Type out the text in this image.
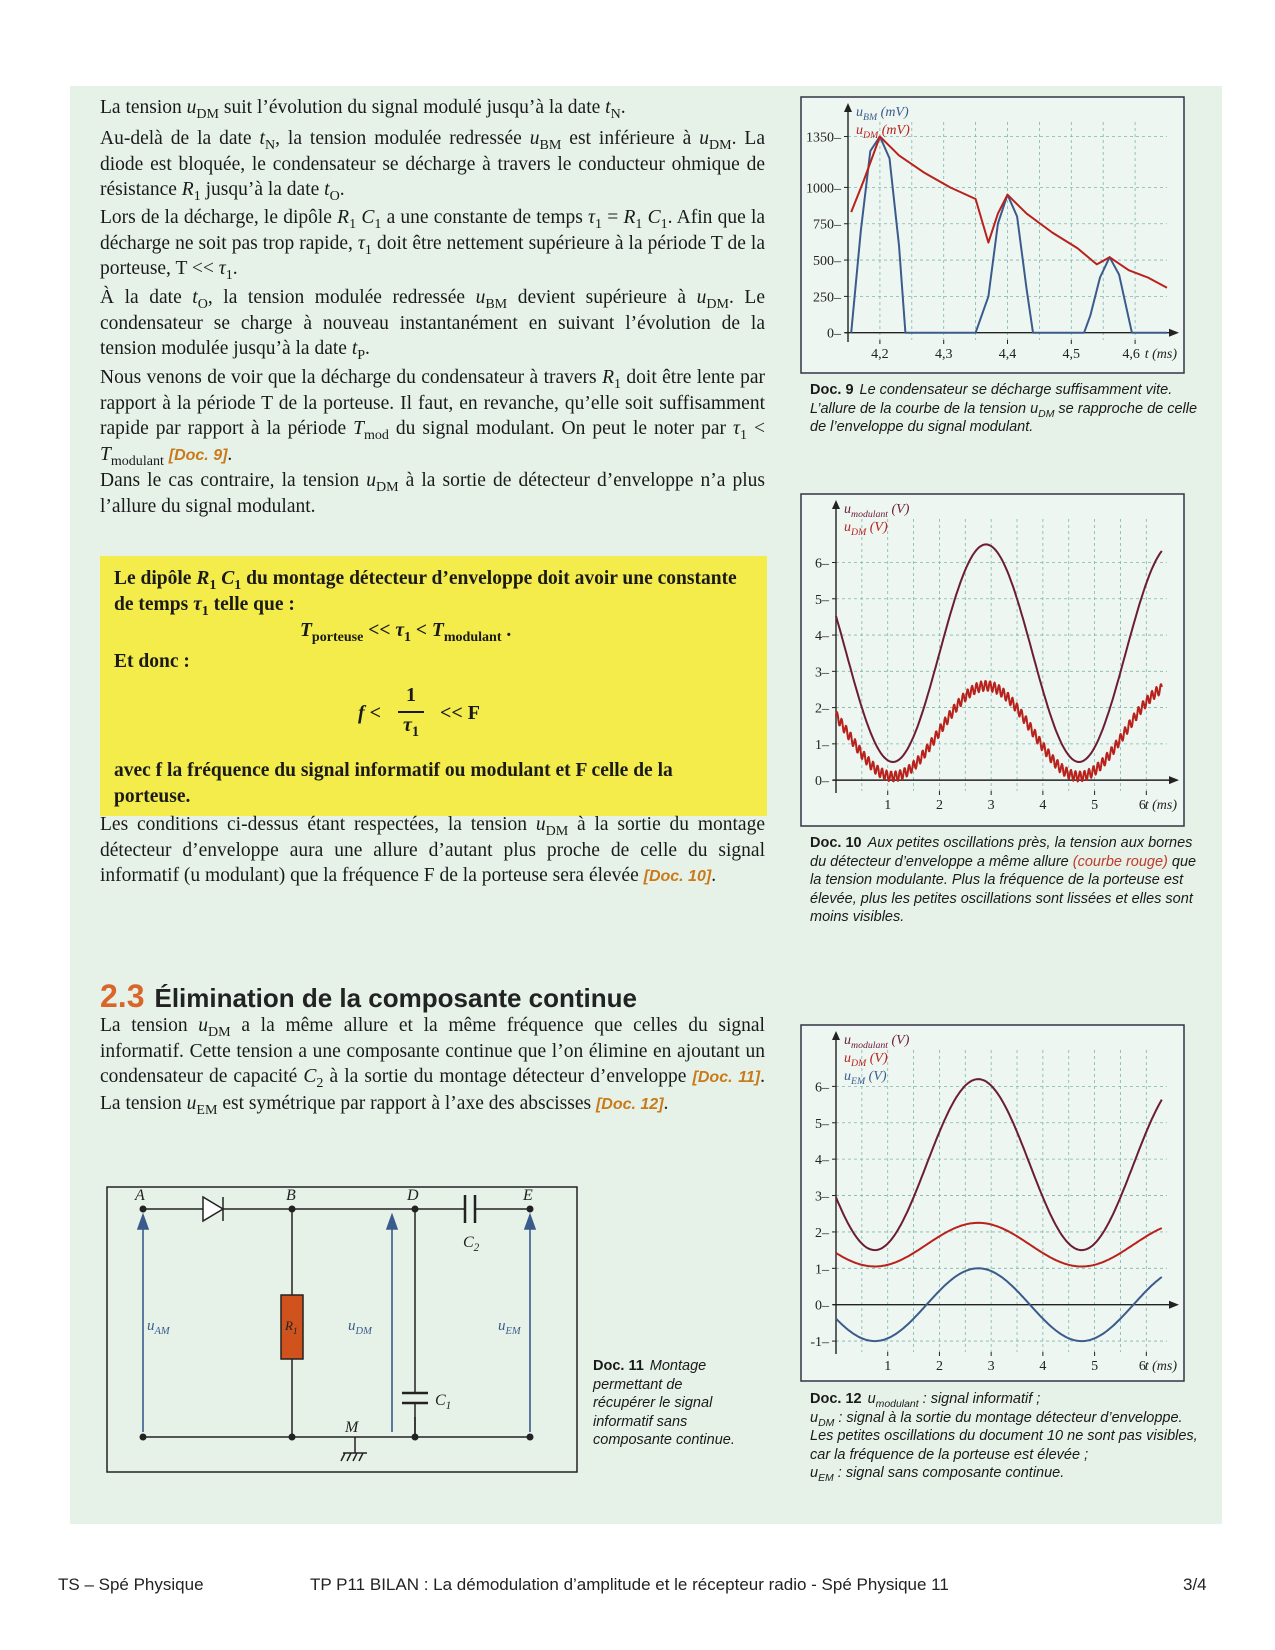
La tension $u_{DM}$ suit l’évolution du signal modulé jusqu’à la date $t_N$.

Au-delà de la date $t_N$, la tension modulée redressée $u_{BM}$ est inférieure à $u_{DM}$. La diode est bloquée, le condensateur se décharge à travers le conducteur ohmique de résistance $R_1$ jusqu’à la date $t_O$.

Lors de la décharge, le dipôle $R_1$ $C_1$ a une constante de temps $\tau_1 = R_1$ $C_1$. Afin que la décharge ne soit pas trop rapide, $\tau_1$ doit être nettement supérieure à la période T de la porteuse, $T << \tau_1$.

À la date $t_O$, la tension modulée redressée $u_{BM}$ devient supérieure à $u_{DM}$. Le condensateur se charge à nouveau instantanément en suivant l’évolution de la tension modulée jusqu’à la date $t_P$.

Nous venons de voir que la décharge du condensateur à travers $R_1$ doit être lente par rapport à la période T de la porteuse. Il faut, en revanche, qu’elle soit suffisamment rapide par rapport à la période $T_{mod}$ du signal modulant. On peut le noter par $\tau_1 < T_{modulant}$ [Doc. 9].

Dans le cas contraire, la tension $u_{DM}$ à la sortie de détecteur d’enveloppe n’a plus l’allure du signal modulant.

Le dipôle $R_1$ $C_1$ du montage détecteur d’enveloppe doit avoir une constante de temps $\tau_1$ telle que :

$T_{porteuse} << \tau_1 < T_{modulant}$ .

Et donc :

f <
1
$\tau_1$
<< F

avec f la fréquence du signal informatif ou modulant et F celle de la porteuse.

Les conditions ci-dessus étant respectées, la tension $u_{DM}$ à la sortie du montage détecteur d’enveloppe aura une allure d’autant plus proche de celle du signal informatif (u modulant) que la fréquence F de la porteuse sera élevée [Doc. 10].

2.3 Élimination de la composante continue

La tension $u_{DM}$ a la même allure et la même fréquence que celles du signal informatif. Cette tension a une composante continue que l’on élimine en ajoutant un condensateur de capacité $C_2$ à la sortie du montage détecteur d’enveloppe [Doc. 11]. La tension $u_{EM}$ est symétrique par rapport à l’axe des abscisses [Doc. 12].

A	B	D	E
M
$R_1$
$C_1$
$C_2$
$u_{AM}$	$u_{DM}$	$u_{EM}$

Doc. 11 Montage permettant de récupérer le signal informatif sans composante continue.

0–
250–
500–
750–
1000–
1350–
4,2	4,3	4,4	4,5	4,6 t (ms)
$u_{BM}$ (mV)
$u_{DM}$ (mV)

Doc. 9 Le condensateur se décharge suffisamment vite. L’allure de la courbe de la tension $u_{DM}$ se rapproche de celle de l’enveloppe du signal modulant.

0–
1–
2–
3–
4–
5–
6–
1	2	3	4	5	6
t (ms)
$u_{modulant}$ (V)
$u_{DM}$ (V)

Doc. 10 Aux petites oscillations près, la tension aux bornes du détecteur d’enveloppe a même allure (courbe rouge) que la tension modulante. Plus la fréquence de la porteuse est élevée, plus les petites oscillations sont lissées et elles sont moins visibles.

-1–
0–
1–
2–
3–
4–
5–
6–
1	2	3	4	5	6
t (ms)
$u_{modulant}$ (V)
$u_{DM}$ (V)
$u_{EM}$ (V)

Doc. 12 $u_{modulant}$ : signal informatif ;
$u_{DM}$ : signal à la sortie du montage détecteur d’enveloppe. Les petites oscillations du document 10 ne sont pas visibles, car la fréquence de la porteuse est élevée ;
$u_{EM}$ : signal sans composante continue.

TS – Spé Physique	TP P11 BILAN : La démodulation d’amplitude et le récepteur radio - Spé Physique 11	3/4
